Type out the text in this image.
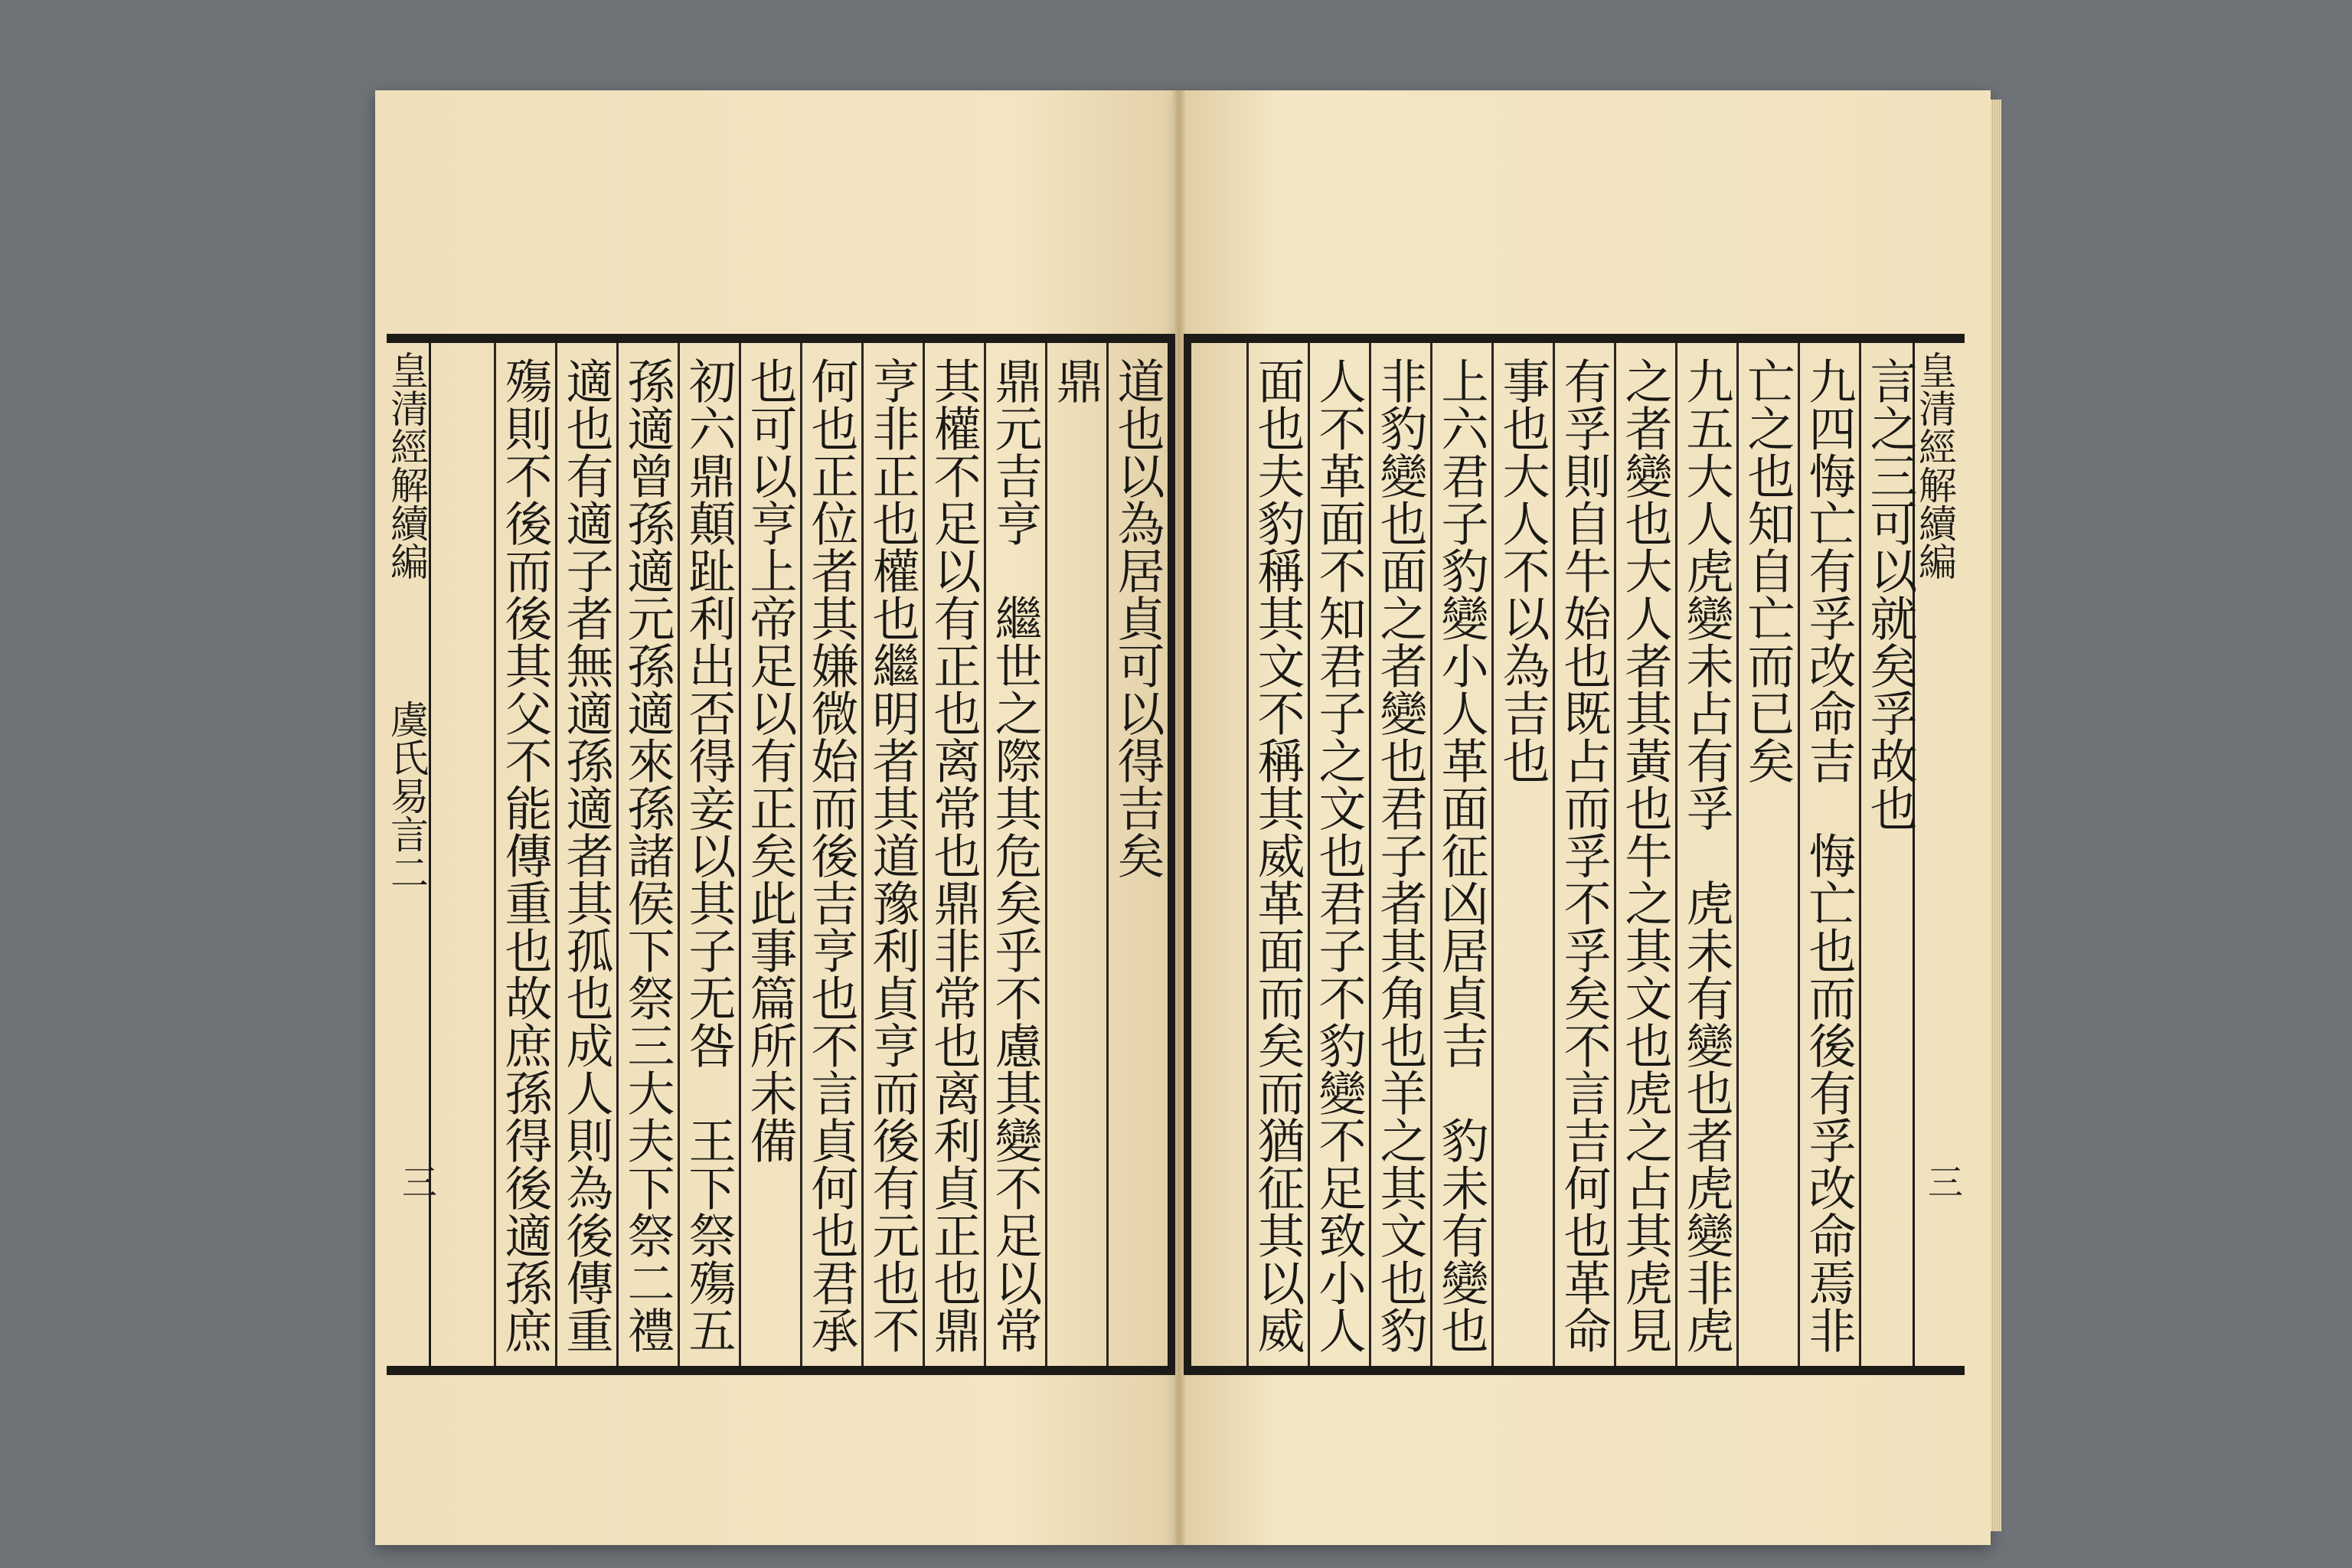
道也以為居貞可以得吉矣
鼎
鼎元吉亨　繼世之際其危矣乎不慮其變不足以常
其權不足以有正也离常也鼎非常也离利貞正也鼎
亨非正也權也繼明者其道豫利貞亨而後有元也不
何也正位者其嫌微始而後吉亨也不言貞何也君承
也可以亨上帝足以有正矣此事篇所未備
初六鼎顛趾利出否得妾以其子无咎　王下祭殤五
孫適曾孫適元孫適來孫諸侯下祭三大夫下祭二禮
適也有適子者無適孫適者其孤也成人則為後傳重
殤則不後而後其父不能傳重也故庶孫得後適孫庶
皇清經解續編  虞氏易言二
三
言之三可以就矣孚故也
九四悔亡有孚改命吉　悔亡也而後有孚改命焉非
亡之也知自亡而已矣
九五大人虎變未占有孚　虎未有變也者虎變非虎
之者變也大人者其黃也牛之其文也虎之占其虎見
有孚則自牛始也既占而孚不孚矣不言吉何也革命
事也大人不以為吉也
上六君子豹變小人革面征凶居貞吉　豹未有變也
非豹變也面之者變也君子者其角也羊之其文也豹
人不革面不知君子之文也君子不豹變不足致小人
面也夫豹稱其文不稱其威革面而矣而猶征其以威
皇清經解續編
三
